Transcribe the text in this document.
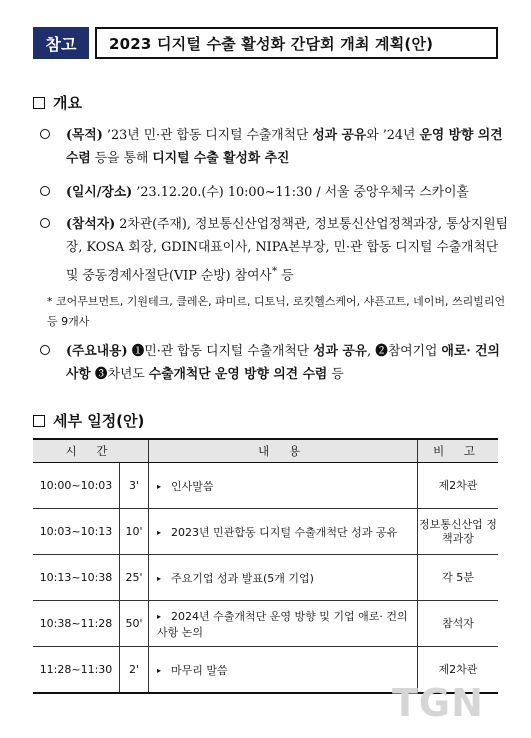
참고	2023 디지털 수출 활성화 간담회 개최 계획(안)
개요
(목적) ’23년 민·관 합동 디지털 수출개척단 성과 공유와 ’24년 운영 방향 의견 수렴 등을 통해 디지털 수출 활성화 추진
(일시/장소) ’23.12.20.(수) 10:00~11:30 / 서울 중앙우체국 스카이홀
(참석자) 2차관(주재), 정보통신산업정책관, 정보통신산업정책과장, 통상지원팀장, KOSA 회장, GDIN대표이사, NIPA본부장, 민·관 합동 디지털 수출개척단 및 중동경제사절단(VIP 순방) 참여사* 등
* 코어무브먼트, 기원테크, 클레온, 파미르, 디토닉, 로킷헬스케어, 샤픈고트, 네이버, 쓰리빌리언 등 9개사
(주요내용) ❶민·관 합동 디지털 수출개척단 성과 공유, ❷참여기업 애로· 건의사항 ❸차년도 수출개척단 운영 방향 의견 수렴 등
세부 일정(안)
시 간		내 용	비 고
10:00~10:03	3'	▸ 인사말씀	제2차관
10:03~10:13	10'	▸ 2023년 민관합동 디지털 수출개척단 성과 공유	정보통신산업 정책과장
10:13~10:38	25'	▸ 주요기업 성과 발표(5개 기업)	각 5분
10:38~11:28	50'	▸ 2024년 수출개척단 운영 방향 및 기업 애로· 건의사항 논의	참석자
11:28~11:30	2'	▸ 마무리 말씀	제2차관
TGN
